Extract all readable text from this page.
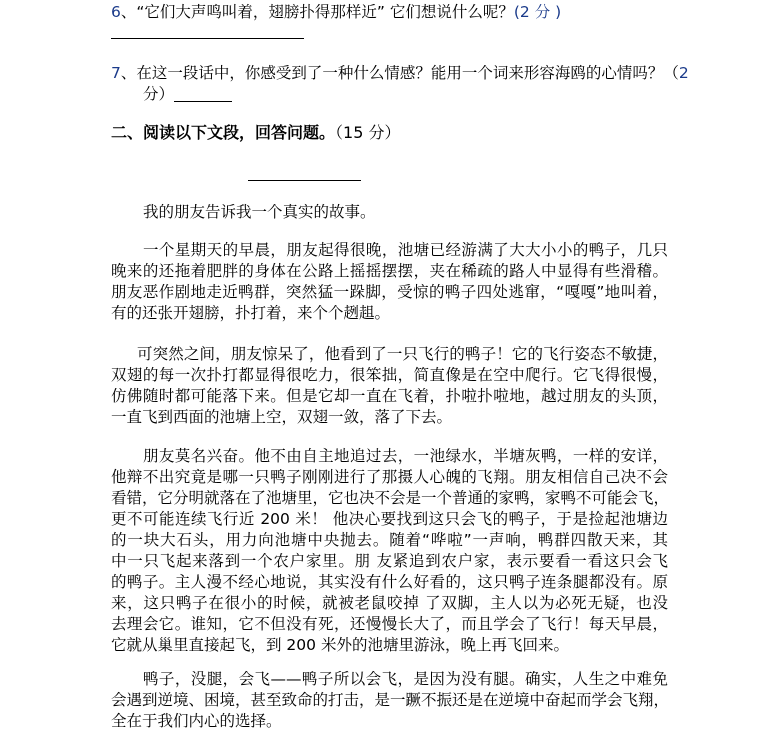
6、“它们大声鸣叫着，翅膀扑得那样近” 它们想说什么呢？(2 分 )
7、在这一段话中，你感受到了一种什么情感？能用一个词来形容海鸥的心情吗？（2
分）
二、阅读以下文段，回答问题。（15 分）
我的朋友告诉我一个真实的故事。
一个星期天的早晨，朋友起得很晚，池塘已经游满了大大小小的鸭子，几只
晚来的还拖着肥胖的身体在公路上摇摇摆摆，夹在稀疏的路人中显得有些滑稽。
朋友恶作剧地走近鸭群，突然猛一跺脚，受惊的鸭子四处逃窜，“嘎嘎”地叫着，
有的还张开翅膀，扑打着，来个个趔趄。
可突然之间，朋友惊呆了，他看到了一只飞行的鸭子！它的飞行姿态不敏捷，
双翅的每一次扑打都显得很吃力，很笨拙，简直像是在空中爬行。它飞得很慢，
仿佛随时都可能落下来。但是它却一直在飞着，扑啦扑啦地，越过朋友的头顶，
一直飞到西面的池塘上空，双翅一敛，落了下去。
朋友莫名兴奋。他不由自主地追过去，一池绿水，半塘灰鸭，一样的安详，
他辩不出究竟是哪一只鸭子刚刚进行了那摄人心魄的飞翔。朋友相信自己决不会
看错，它分明就落在了池塘里，它也决不会是一个普通的家鸭，家鸭不可能会飞，
更不可能连续飞行近 200 米！ 他决心要找到这只会飞的鸭子，于是捡起池塘边
的一块大石头，用力向池塘中央抛去。随着“哗啦”一声响，鸭群四散天来，其
中一只飞起来落到一个农户家里。朋 友紧追到农户家，表示要看一看这只会飞
的鸭子。主人漫不经心地说，其实没有什么好看的，这只鸭子连条腿都没有。原
来，这只鸭子在很小的时候，就被老鼠咬掉 了双脚，主人以为必死无疑，也没
去理会它。谁知，它不但没有死，还慢慢长大了，而且学会了飞行！每天早晨，
它就从巢里直接起飞，到 200 米外的池塘里游泳，晚上再飞回来。
鸭子，没腿，会飞——鸭子所以会飞，是因为没有腿。确实，人生之中难免
会遇到逆境、困境，甚至致命的打击，是一蹶不振还是在逆境中奋起而学会飞翔，
全在于我们内心的选择。
